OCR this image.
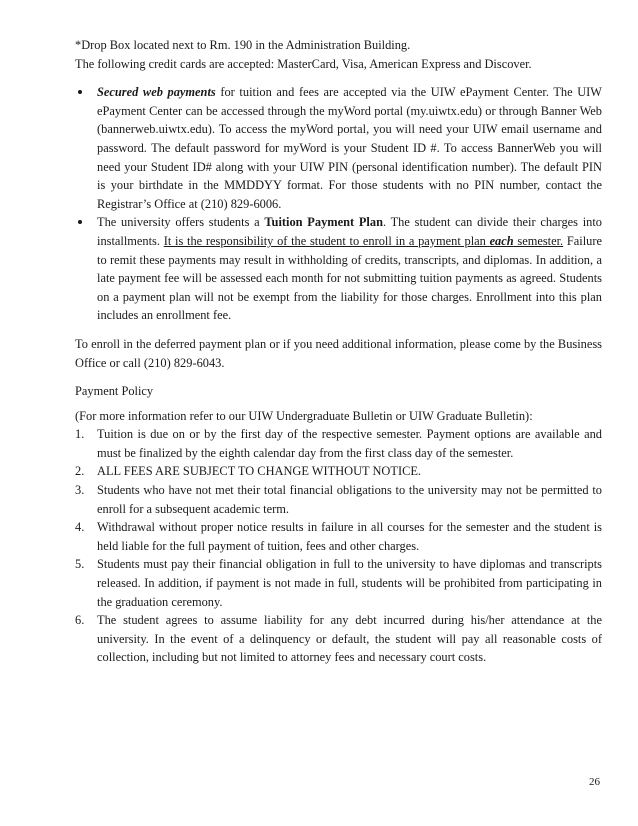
*Drop Box located next to Rm. 190 in the Administration Building.

The following credit cards are accepted: MasterCard, Visa, American Express and Discover.

Secured web payments for tuition and fees are accepted via the UIW ePayment Center. The UIW ePayment Center can be accessed through the myWord portal (my.uiwtx.edu) or through Banner Web (bannerweb.uiwtx.edu). To access the myWord portal, you will need your UIW email username and password. The default password for myWord is your Student ID #. To access BannerWeb you will need your Student ID# along with your UIW PIN (personal identification number). The default PIN is your birthdate in the MMDDYY format. For those students with no PIN number, contact the Registrar’s Office at (210) 829-6006.
The university offers students a Tuition Payment Plan. The student can divide their charges into installments. It is the responsibility of the student to enroll in a payment plan each semester. Failure to remit these payments may result in withholding of credits, transcripts, and diplomas. In addition, a late payment fee will be assessed each month for not submitting tuition payments as agreed. Students on a payment plan will not be exempt from the liability for those charges. Enrollment into this plan includes an enrollment fee.

To enroll in the deferred payment plan or if you need additional information, please come by the Business Office or call (210) 829-6043.

Payment Policy

(For more information refer to our UIW Undergraduate Bulletin or UIW Graduate Bulletin):

1. Tuition is due on or by the first day of the respective semester. Payment options are available and must be finalized by the eighth calendar day from the first class day of the semester.
2. ALL FEES ARE SUBJECT TO CHANGE WITHOUT NOTICE.
3. Students who have not met their total financial obligations to the university may not be permitted to enroll for a subsequent academic term.
4. Withdrawal without proper notice results in failure in all courses for the semester and the student is held liable for the full payment of tuition, fees and other charges.
5. Students must pay their financial obligation in full to the university to have diplomas and transcripts released. In addition, if payment is not made in full, students will be prohibited from participating in the graduation ceremony.
6. The student agrees to assume liability for any debt incurred during his/her attendance at the university. In the event of a delinquency or default, the student will pay all reasonable costs of collection, including but not limited to attorney fees and necessary court costs.
26
